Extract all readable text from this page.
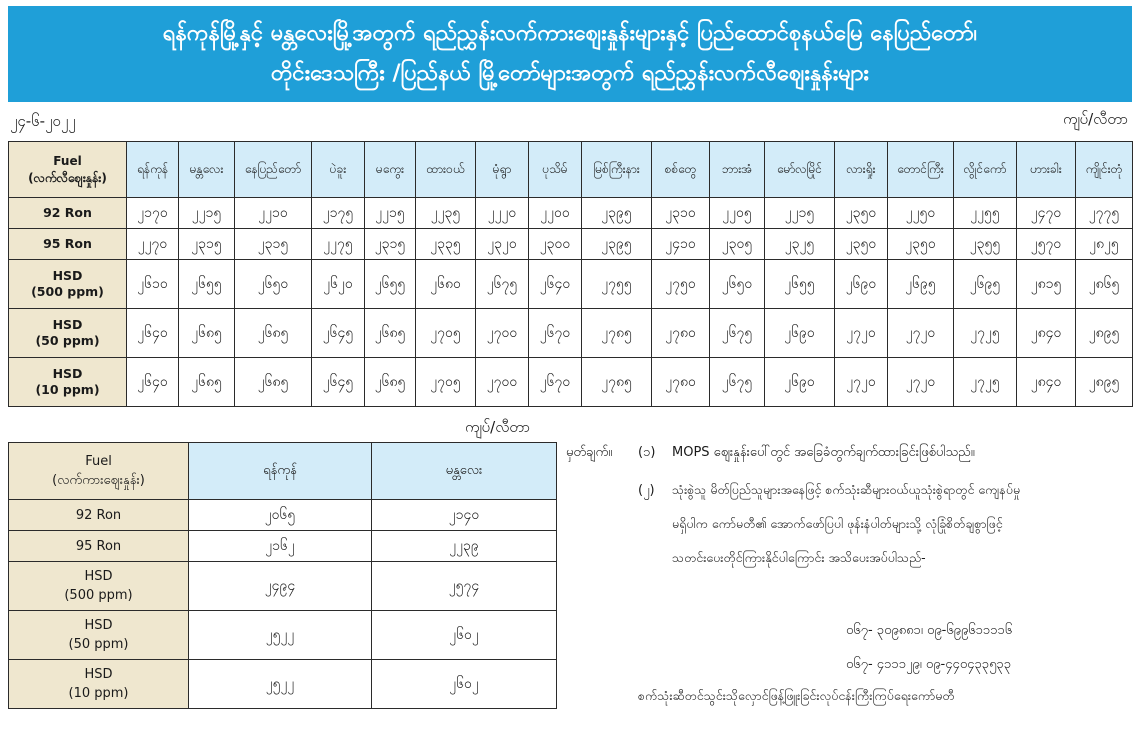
ရန်ကုန်မြို့နှင့် မန္တလေးမြို့အတွက် ရည်ညွှန်းလက်ကားဈေးနှုန်းများနှင့် ပြည်ထောင်စုနယ်မြေ နေပြည်တော်၊
တိုင်းဒေသကြီး /ပြည်နယ် မြို့တော်များအတွက် ရည်ညွှန်းလက်လီဈေးနှုန်းများ
၂၄-၆-၂၀၂၂	ကျပ်/လီတာ
Fuel
(လက်လီဈေးနှုန်း)	ရန်ကုန်	မန္တလေး	နေပြည်တော်	ပဲခူး	မကွေး	ထားဝယ်	မုံရွာ	ပုသိမ်	မြစ်ကြီးနား	စစ်တွေ	ဘားအံ	မော်လမြိုင်	လားရှိုး	တောင်ကြီး	လွိုင်ကော်	ဟားခါး	ကျိုင်းတုံ

92 Ron	၂၁၇၀	၂၂၁၅	၂၂၁၀	၂၁၇၅	၂၂၁၅	၂၂၃၅	၂၂၂၀	၂၂၀၀	၂၃၉၅	၂၃၁၀	၂၂၀၅	၂၂၁၅	၂၃၅၀	၂၂၅၀	၂၂၅၅	၂၄၇၀	၂၇၇၅

95 Ron	၂၂၇၀	၂၃၁၅	၂၃၁၅	၂၂၇၅	၂၃၁၅	၂၃၃၅	၂၃၂၀	၂၃၀၀	၂၃၉၅	၂၄၁၀	၂၃၀၅	၂၃၂၅	၂၃၅၀	၂၃၅၀	၂၃၅၅	၂၅၇၀	၂၈၂၅

HSD
(500 ppm)	၂၆၁၀	၂၆၅၅	၂၆၅၀	၂၆၂၀	၂၆၅၅	၂၆၈၀	၂၆၇၅	၂၆၄၀	၂၇၅၅	၂၇၅၀	၂၆၅၀	၂၆၅၅	၂၆၉၀	၂၆၉၅	၂၆၉၅	၂၈၁၅	၂၈၆၅

HSD
(50 ppm)	၂၆၄၀	၂၆၈၅	၂၆၈၅	၂၆၄၅	၂၆၈၅	၂၇၀၅	၂၇၀၀	၂၆၇၀	၂၇၈၅	၂၇၈၀	၂၆၇၅	၂၆၉၀	၂၇၂၀	၂၇၂၀	၂၇၂၅	၂၈၄၀	၂၈၉၅

HSD
(10 ppm)	၂၆၄၀	၂၆၈၅	၂၆၈၅	၂၆၄၅	၂၆၈၅	၂၇၀၅	၂၇၀၀	၂၆၇၀	၂၇၈၅	၂၇၈၀	၂၆၇၅	၂၆၉၀	၂၇၂၀	၂၇၂၀	၂၇၂၅	၂၈၄၀	၂၈၉၅
ကျပ်/လီတာ
Fuel
(လက်ကားဈေးနှုန်း)	ရန်ကုန်	မန္တလေး

92 Ron	၂၀၆၅	၂၁၄၀

95 Ron	၂၁၆၂	၂၂၃၉

HSD
(500 ppm)	၂၄၉၄	၂၅၇၄

HSD
(50 ppm)	၂၅၂၂	၂၆၀၂

HSD
(10 ppm)	၂၅၂၂	၂၆၀၂
မှတ်ချက်။ (၁) MOPS ဈေးနှုန်းပေါ်တွင် အခြေခံတွက်ချက်ထားခြင်းဖြစ်ပါသည်။
(၂) သုံးစွဲသူ မိတ်ပြည်သူများအနေဖြင့် စက်သုံးဆီများဝယ်ယူသုံးစွဲရာတွင် ကျေနပ်မှု
မရှိပါက ကော်မတီ၏ အောက်ဖော်ပြပါ ဖုန်းနံပါတ်များသို့ လုံခြုံစိတ်ချစွာဖြင့်
သတင်းပေးတိုင်ကြားနိုင်ပါကြောင်း အသိပေးအပ်ပါသည်-
၀၆၇- ၃၀၉၈၈၁၊ ၀၉-၆၉၉၆၁၁၁၁၆
၀၆၇- ၄၁၁၁၂၉၊ ၀၉-၄၄၀၄၃၃၅၃၃
စက်သုံးဆီတင်သွင်းသိုလှောင်ဖြန့်ဖြူးခြင်းလုပ်ငန်းကြီးကြပ်ရေးကော်မတီ
